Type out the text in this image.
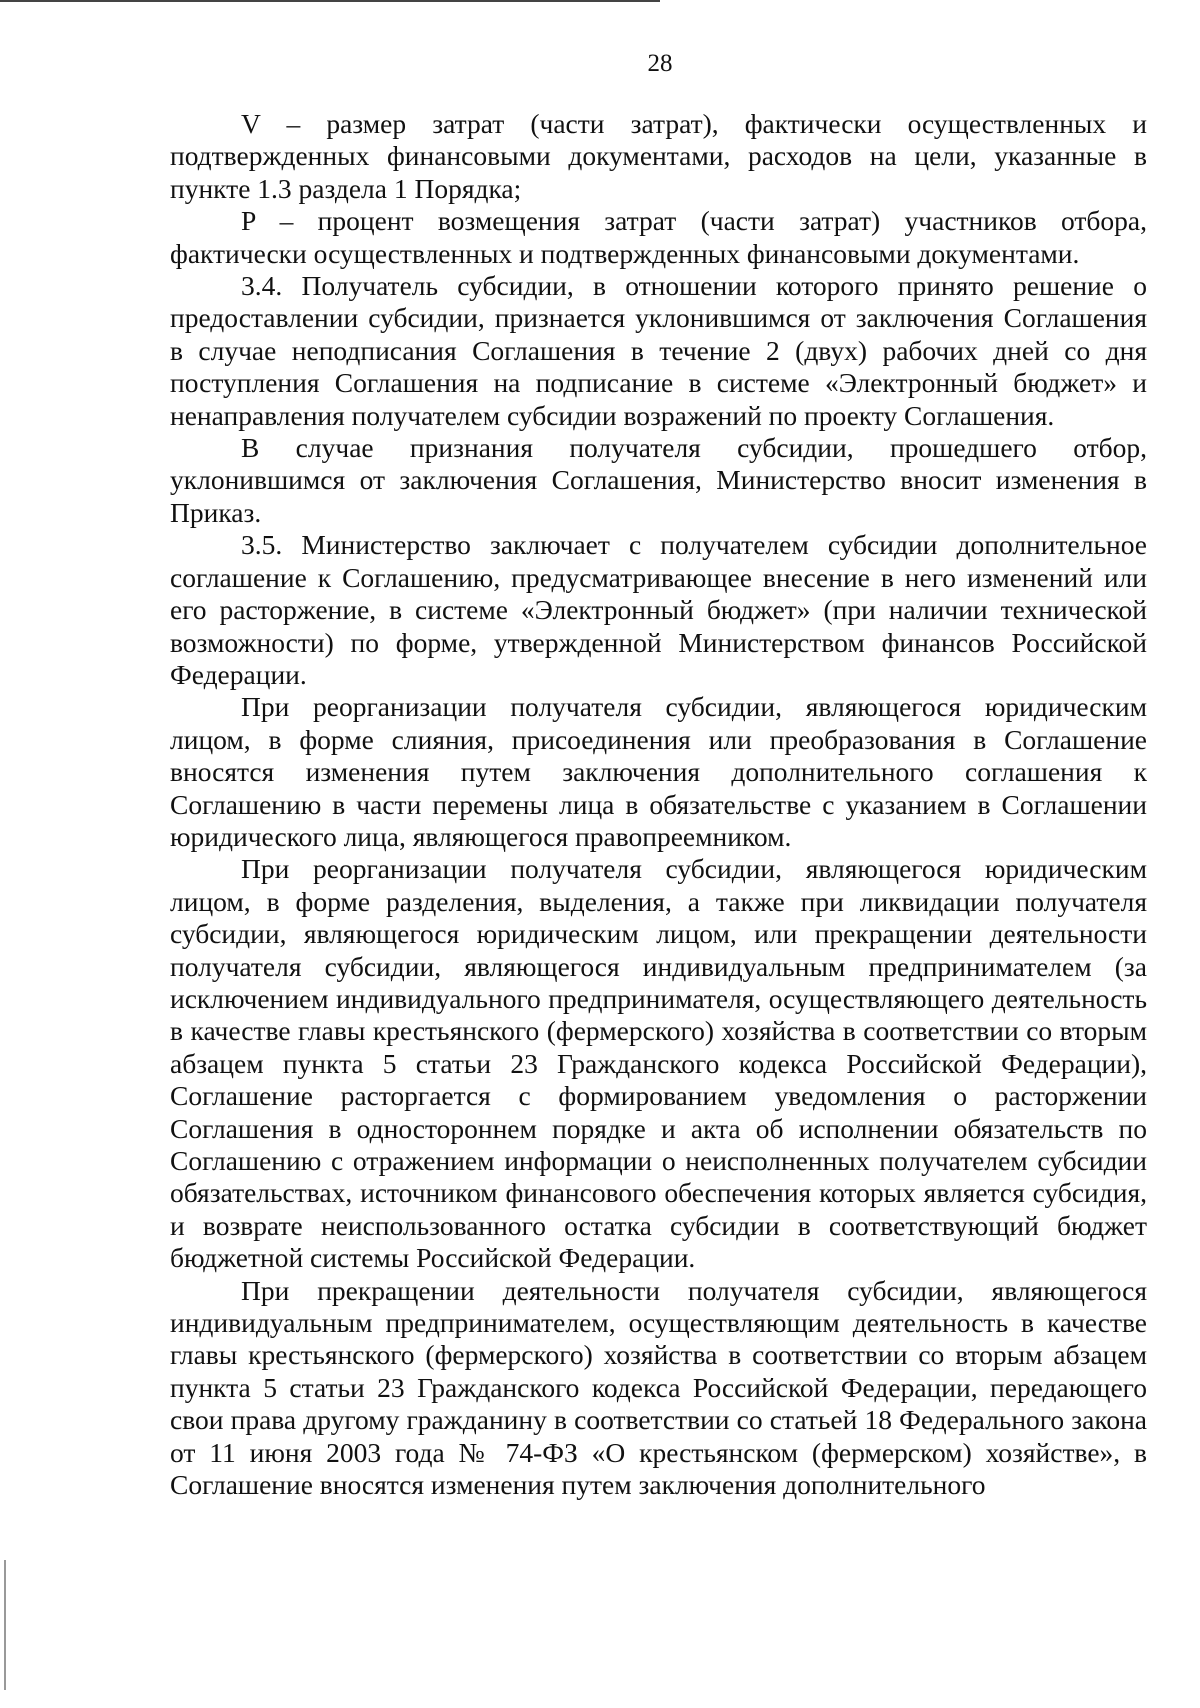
28

V – размер затрат (части затрат), фактически осуществленных и подтвержденных финансовыми документами, расходов на цели, указанные в пункте 1.3 раздела 1 Порядка;

P – процент возмещения затрат (части затрат) участников отбора, фактически осуществленных и подтвержденных финансовыми документами.

3.4. Получатель субсидии, в отношении которого принято решение о предоставлении субсидии, признается уклонившимся от заключения Соглашения в случае неподписания Соглашения в течение 2 (двух) рабочих дней со дня поступления Соглашения на подписание в системе «Электронный бюджет» и ненаправления получателем субсидии возражений по проекту Соглашения.

В случае признания получателя субсидии, прошедшего отбор, уклонившимся от заключения Соглашения, Министерство вносит изменения в Приказ.

3.5. Министерство заключает с получателем субсидии дополнительное соглашение к Соглашению, предусматривающее внесение в него изменений или его расторжение, в системе «Электронный бюджет» (при наличии технической возможности) по форме, утвержденной Министерством финансов Российской Федерации.

При реорганизации получателя субсидии, являющегося юридическим лицом, в форме слияния, присоединения или преобразования в Соглашение вносятся изменения путем заключения дополнительного соглашения к Соглашению в части перемены лица в обязательстве с указанием в Соглашении юридического лица, являющегося правопреемником.

При реорганизации получателя субсидии, являющегося юридическим лицом, в форме разделения, выделения, а также при ликвидации получателя субсидии, являющегося юридическим лицом, или прекращении деятельности получателя субсидии, являющегося индивидуальным предпринимателем (за исключением индивидуального предпринимателя, осуществляющего деятельность в качестве главы крестьянского (фермерского) хозяйства в соответствии со вторым абзацем пункта 5 статьи 23 Гражданского кодекса Российской Федерации), Соглашение расторгается с формированием уведомления о расторжении Соглашения в одностороннем порядке и акта об исполнении обязательств по Соглашению с отражением информации о неисполненных получателем субсидии обязательствах, источником финансового обеспечения которых является субсидия, и возврате неиспользованного остатка субсидии в соответствующий бюджет бюджетной системы Российской Федерации.

При прекращении деятельности получателя субсидии, являющегося индивидуальным предпринимателем, осуществляющим деятельность в качестве главы крестьянского (фермерского) хозяйства в соответствии со вторым абзацем пункта 5 статьи 23 Гражданского кодекса Российской Федерации, передающего свои права другому гражданину в соответствии со статьей 18 Федерального закона от 11 июня 2003 года № 74-ФЗ «О крестьянском (фермерском) хозяйстве», в Соглашение вносятся изменения путем заключения дополнительного
